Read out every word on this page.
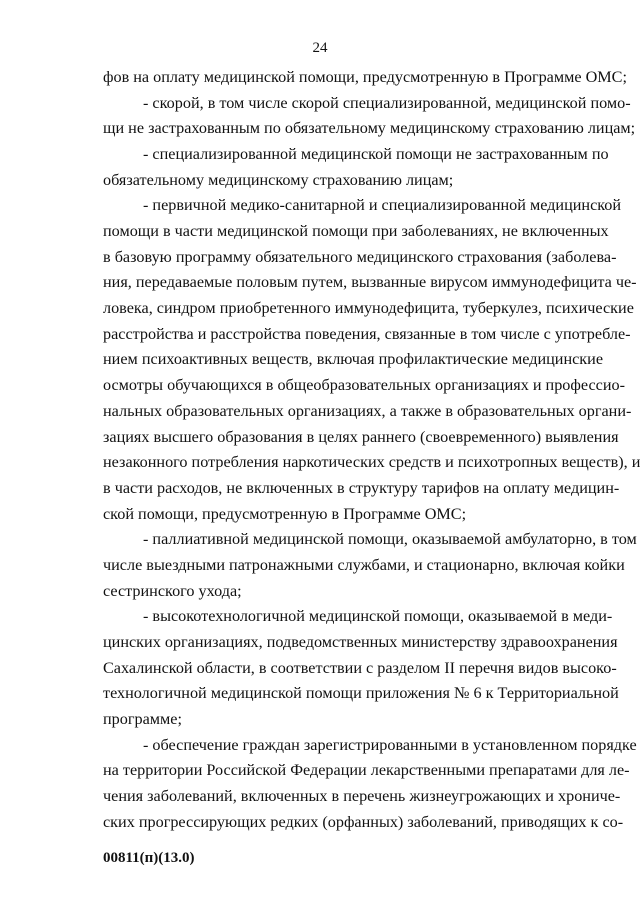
24
фов на оплату медицинской помощи, предусмотренную в Программе ОМС;
- скорой, в том числе скорой специализированной, медицинской помо-
щи не застрахованным по обязательному медицинскому страхованию лицам;
- специализированной медицинской помощи не застрахованным по
обязательному медицинскому страхованию лицам;
- первичной медико-санитарной и специализированной медицинской
помощи в части медицинской помощи при заболеваниях, не включенных
в базовую программу обязательного медицинского страхования (заболева-
ния, передаваемые половым путем, вызванные вирусом иммунодефицита че-
ловека, синдром приобретенного иммунодефицита, туберкулез, психические
расстройства и расстройства поведения, связанные в том числе с употребле-
нием психоактивных веществ, включая профилактические медицинские
осмотры обучающихся в общеобразовательных организациях и профессио-
нальных образовательных организациях, а также в образовательных органи-
зациях высшего образования в целях раннего (своевременного) выявления
незаконного потребления наркотических средств и психотропных веществ), и
в части расходов, не включенных в структуру тарифов на оплату медицин-
ской помощи, предусмотренную в Программе ОМС;
- паллиативной медицинской помощи, оказываемой амбулаторно, в том
числе выездными патронажными службами, и стационарно, включая койки
сестринского ухода;
- высокотехнологичной медицинской помощи, оказываемой в меди-
цинских организациях, подведомственных министерству здравоохранения
Сахалинской области, в соответствии с разделом II перечня видов высоко-
технологичной медицинской помощи приложения № 6 к Территориальной
программе;
- обеспечение граждан зарегистрированными в установленном порядке
на территории Российской Федерации лекарственными препаратами для ле-
чения заболеваний, включенных в перечень жизнеугрожающих и хрониче-
ских прогрессирующих редких (орфанных) заболеваний, приводящих к со-
00811(п)(13.0)
